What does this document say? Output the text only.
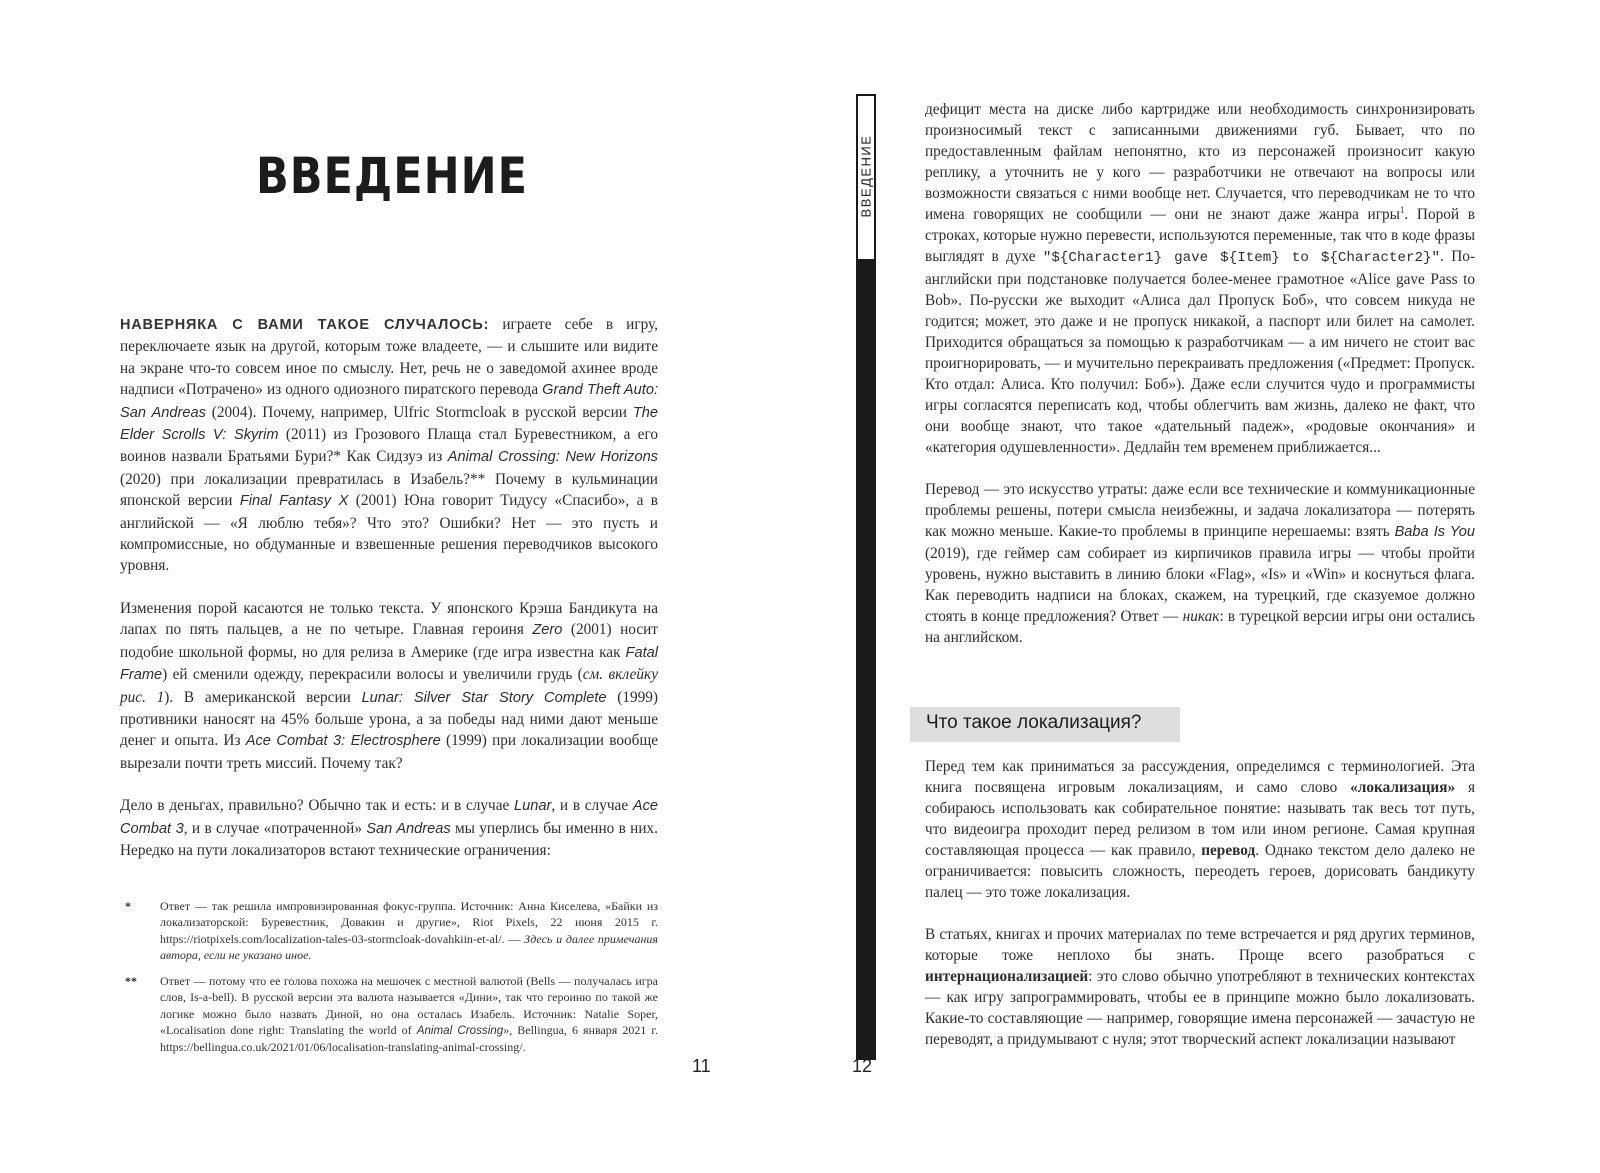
ВВЕДЕНИЕ

НАВЕРНЯКА С ВАМИ ТАКОЕ СЛУЧАЛОСЬ: играете себе в игру, переключаете язык на другой, которым тоже владеете, — и слышите или видите на экране что-то совсем иное по смыслу. Нет, речь не о заведомой ахинее вроде надписи «Потрачено» из одного одиозного пиратского перевода Grand Theft Auto: San Andreas (2004). Почему, например, Ulfric Stormcloak в русской версии The Elder Scrolls V: Skyrim (2011) из Грозового Плаща стал Буревестником, а его воинов назвали Братьями Бури?* Как Сидзуэ из Animal Crossing: New Horizons (2020) при локализации превратилась в Изабель?** Почему в кульминации японской версии Final Fantasy X (2001) Юна говорит Тидусу «Спасибо», а в английской — «Я люблю тебя»? Что это? Ошибки? Нет — это пусть и компромиссные, но обдуманные и взвешенные решения переводчиков высокого уровня.

Изменения порой касаются не только текста. У японского Крэша Бандикута на лапах по пять пальцев, а не по четыре. Главная героиня Zero (2001) носит подобие школьной формы, но для релиза в Америке (где игра известна как Fatal Frame) ей сменили одежду, перекрасили волосы и увеличили грудь (см. вклейку рис. 1). В американской версии Lunar: Silver Star Story Complete (1999) противники наносят на 45% больше урона, а за победы над ними дают меньше денег и опыта. Из Ace Combat 3: Electrosphere (1999) при локализации вообще вырезали почти треть миссий. Почему так?

Дело в деньгах, правильно? Обычно так и есть: и в случае Lunar, и в случае Ace Combat 3, и в случае «потраченной» San Andreas мы уперлись бы именно в них. Нередко на пути локализаторов встают технические ограничения:

* Ответ — так решила импровизированная фокус-группа. Источник: Анна Киселева, «Байки из локализаторской: Буревестник, Довакин и другие», Riot Pixels, 22 июня 2015 г. https://riotpixels.com/localization-tales-03-stormcloak-dovahkiin-et-al/. — Здесь и далее примечания автора, если не указано иное.
** Ответ — потому что ее голова похожа на мешочек с местной валютой (Bells — получалась игра слов, Is-a-bell). В русской версии эта валюта называется «Дини», так что героиню по такой же логике можно было назвать Диной, но она осталась Изабель. Источник: Natalie Soper, «Localisation done right: Translating the world of Animal Crossing», Bellingua, 6 января 2021 г. https://bellingua.co.uk/2021/01/06/localisation-translating-animal-crossing/.
11
ВВЕДЕНИЕ

дефицит места на диске либо картридже или необходимость синхронизировать произносимый текст с записанными движениями губ. Бывает, что по предоставленным файлам непонятно, кто из персонажей произносит какую реплику, а уточнить не у кого — разработчики не отвечают на вопросы или возможности связаться с ними вообще нет. Случается, что переводчикам не то что имена говорящих не сообщили — они не знают даже жанра игры$^1$. Порой в строках, которые нужно перевести, используются переменные, так что в коде фразы выглядят в духе "${Character1} gave ${Item} to ${Character2}". По-английски при подстановке получается более-менее грамотное «Alice gave Pass to Bob». По-русски же выходит «Алиса дал Пропуск Боб», что совсем никуда не годится; может, это даже и не пропуск никакой, а паспорт или билет на самолет. Приходится обращаться за помощью к разработчикам — а им ничего не стоит вас проигнорировать, — и мучительно перекраивать предложения («Предмет: Пропуск. Кто отдал: Алиса. Кто получил: Боб»). Даже если случится чудо и программисты игры согласятся переписать код, чтобы облегчить вам жизнь, далеко не факт, что они вообще знают, что такое «дательный падеж», «родовые окончания» и «категория одушевленности». Дедлайн тем временем приближается...

Перевод — это искусство утраты: даже если все технические и коммуникационные проблемы решены, потери смысла неизбежны, и задача локализатора — потерять как можно меньше. Какие-то проблемы в принципе нерешаемы: взять Baba Is You (2019), где геймер сам собирает из кирпичиков правила игры — чтобы пройти уровень, нужно выставить в линию блоки «Flag», «Is» и «Win» и коснуться флага. Как переводить надписи на блоках, скажем, на турецкий, где сказуемое должно стоять в конце предложения? Ответ — никак: в турецкой версии игры они остались на английском.

Что такое локализация?

Перед тем как приниматься за рассуждения, определимся с терминологией. Эта книга посвящена игровым локализациям, и само слово «локализация» я собираюсь использовать как собирательное понятие: называть так весь тот путь, что видеоигра проходит перед релизом в том или ином регионе. Самая крупная составляющая процесса — как правило, перевод. Однако текстом дело далеко не ограничивается: повысить сложность, переодеть героев, дорисовать бандикуту палец — это тоже локализация.

В статьях, книгах и прочих материалах по теме встречается и ряд других терминов, которые тоже неплохо бы знать. Проще всего разобраться с интернационализацией: это слово обычно употребляют в технических контекстах — как игру запрограммировать, чтобы ее в принципе можно было локализовать. Какие-то составляющие — например, говорящие имена персонажей — зачастую не переводят, а придумывают с нуля; этот творческий аспект локализации называют

12
